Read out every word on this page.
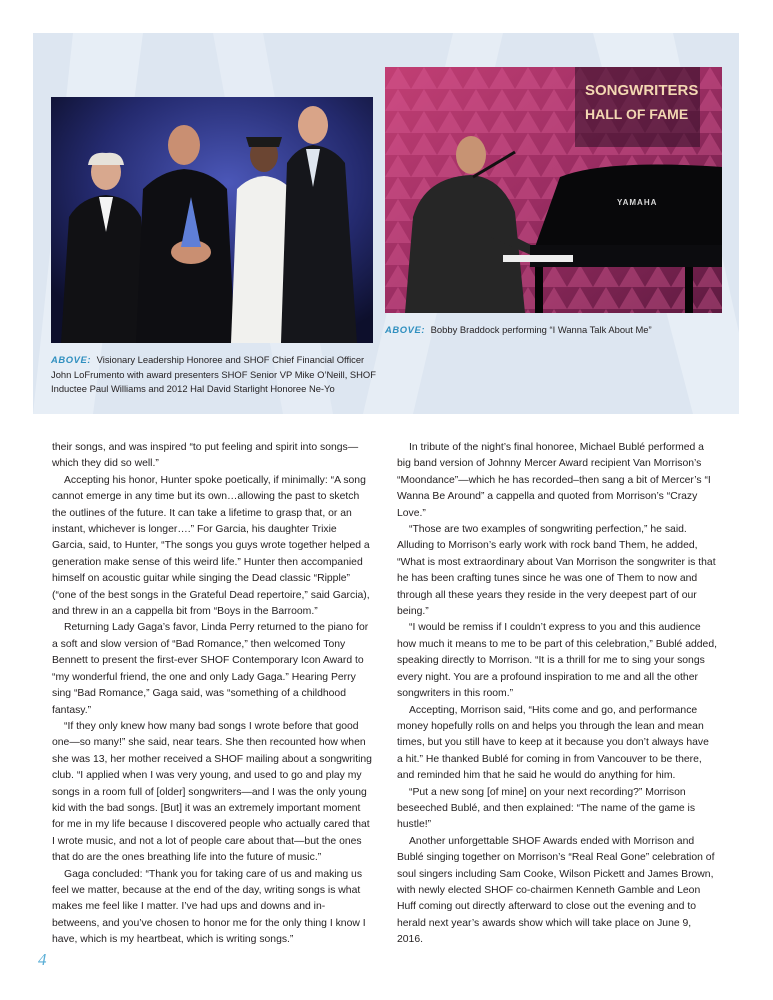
SONGWRITERS
HALL OF FAME
YAMAHA
ABOVE: Visionary Leadership Honoree and SHOF Chief Financial Officer John LoFrumento with award presenters SHOF Senior VP Mike O’Neill, SHOF Inductee Paul Williams and 2012 Hal David Starlight Honoree Ne-Yo
ABOVE: Bobby Braddock performing “I Wanna Talk About Me”

their songs, and was inspired “to put feeling and spirit into songs—which they did so well.”

Accepting his honor, Hunter spoke poetically, if minimally: “A song cannot emerge in any time but its own…allowing the past to sketch the outlines of the future. It can take a lifetime to grasp that, or an instant, whichever is longer….” For Garcia, his daughter Trixie Garcia, said, to Hunter, “The songs you guys wrote together helped a generation make sense of this weird life.” Hunter then accompanied himself on acoustic guitar while singing the Dead classic “Ripple” (“one of the best songs in the Grateful Dead repertoire,” said Garcia), and threw in an a cappella bit from “Boys in the Barroom.”

Returning Lady Gaga’s favor, Linda Perry returned to the piano for a soft and slow version of “Bad Romance,” then welcomed Tony Bennett to present the first-ever SHOF Contemporary Icon Award to “my wonderful friend, the one and only Lady Gaga.” Hearing Perry sing “Bad Romance,” Gaga said, was “something of a childhood fantasy.”

“If they only knew how many bad songs I wrote before that good one—so many!” she said, near tears. She then recounted how when she was 13, her mother received a SHOF mailing about a songwriting club. “I applied when I was very young, and used to go and play my songs in a room full of [older] songwriters—and I was the only young kid with the bad songs. [But] it was an extremely important moment for me in my life because I discovered people who actually cared that I wrote music, and not a lot of people care about that—but the ones that do are the ones breathing life into the future of music.”

Gaga concluded: “Thank you for taking care of us and making us feel we matter, because at the end of the day, writing songs is what makes me feel like I matter. I’ve had ups and downs and in-betweens, and you’ve chosen to honor me for the only thing I know I have, which is my heartbeat, which is writing songs.”

In tribute of the night’s final honoree, Michael Bublé performed a big band version of Johnny Mercer Award recipient Van Morrison’s “Moondance”—which he has recorded–then sang a bit of Mercer’s “I Wanna Be Around” a cappella and quoted from Morrison’s “Crazy Love.”

“Those are two examples of songwriting perfection,” he said. Alluding to Morrison’s early work with rock band Them, he added, “What is most extraordinary about Van Morrison the songwriter is that he has been crafting tunes since he was one of Them to now and through all these years they reside in the very deepest part of our being.”

“I would be remiss if I couldn’t express to you and this audience how much it means to me to be part of this celebration,” Bublé added, speaking directly to Morrison. “It is a thrill for me to sing your songs every night. You are a profound inspiration to me and all the other songwriters in this room.”

Accepting, Morrison said, “Hits come and go, and performance money hopefully rolls on and helps you through the lean and mean times, but you still have to keep at it because you don’t always have a hit.” He thanked Bublé for coming in from Vancouver to be there, and reminded him that he said he would do anything for him.

“Put a new song [of mine] on your next recording?” Morrison beseeched Bublé, and then explained: “The name of the game is hustle!”

Another unforgettable SHOF Awards ended with Morrison and Bublé singing together on Morrison’s “Real Real Gone” celebration of soul singers including Sam Cooke, Wilson Pickett and James Brown, with newly elected SHOF co-chairmen Kenneth Gamble and Leon Huff coming out directly afterward to close out the evening and to herald next year’s awards show which will take place on June 9, 2016.

4
